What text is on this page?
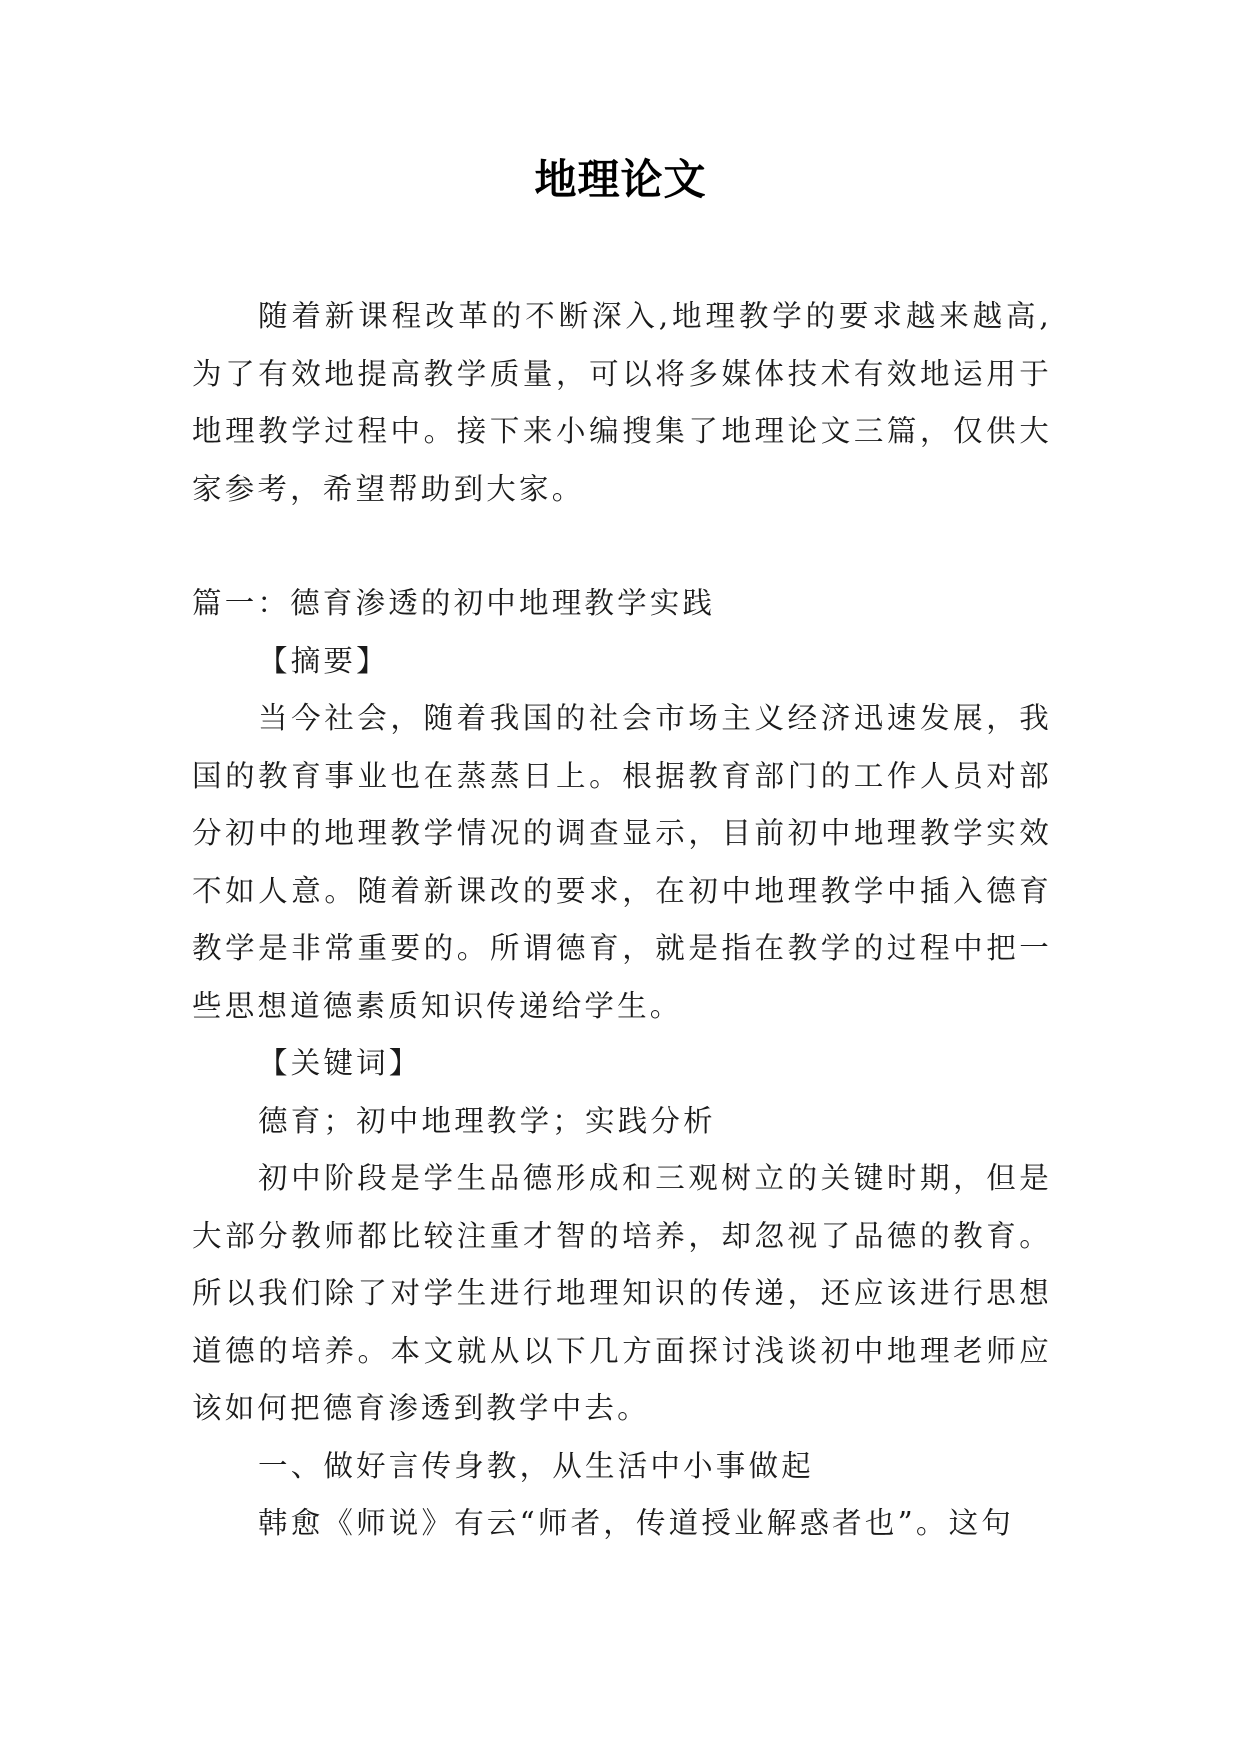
地理论文

随着新课程改革的不断深入,地理教学的要求越来越高,为了有效地提高教学质量，可以将多媒体技术有效地运用于地理教学过程中。接下来小编搜集了地理论文三篇，仅供大家参考，希望帮助到大家。

篇一：德育渗透的初中地理教学实践

【摘要】

当今社会，随着我国的社会市场主义经济迅速发展，我国的教育事业也在蒸蒸日上。根据教育部门的工作人员对部分初中的地理教学情况的调查显示，目前初中地理教学实效不如人意。随着新课改的要求，在初中地理教学中插入德育教学是非常重要的。所谓德育，就是指在教学的过程中把一些思想道德素质知识传递给学生。

【关键词】

德育；初中地理教学；实践分析

初中阶段是学生品德形成和三观树立的关键时期，但是大部分教师都比较注重才智的培养，却忽视了品德的教育。所以我们除了对学生进行地理知识的传递，还应该进行思想道德的培养。本文就从以下几方面探讨浅谈初中地理老师应该如何把德育渗透到教学中去。

一、做好言传身教，从生活中小事做起

韩愈《师说》有云“师者，传道授业解惑者也”。这句
